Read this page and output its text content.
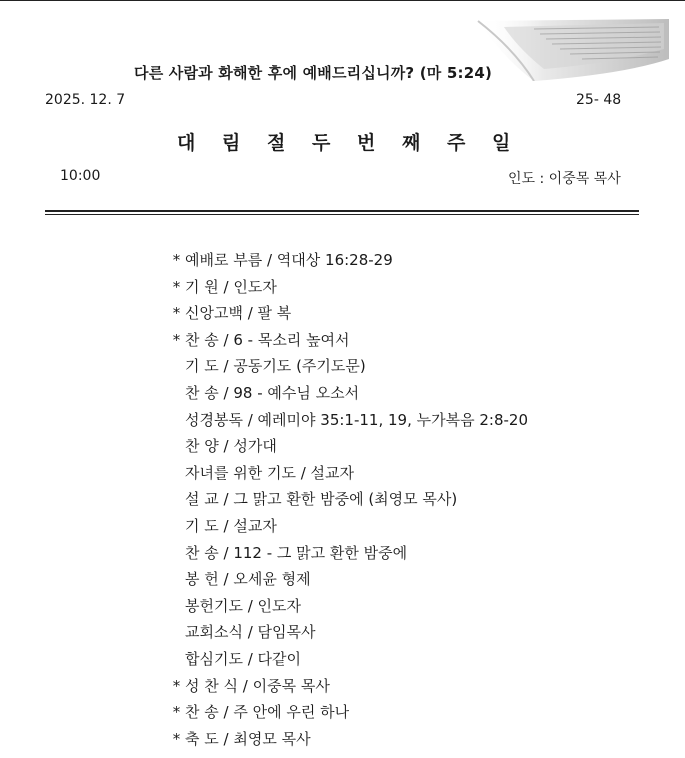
다른 사람과 화해한 후에 예배드리십니까? (마 5:24)
2025. 12. 7	25- 48
대	림	절	두	번	째	주	일
10:00	인도 : 이중목 목사
* 예배로 부름 / 역대상 16:28-29
* 기 원 / 인도자
* 신앙고백 / 팔 복
* 찬 송 / 6 - 목소리 높여서
기 도 / 공동기도 (주기도문)
찬 송 / 98 - 예수님 오소서
성경봉독 / 예레미야 35:1-11, 19, 누가복음 2:8-20
찬 양 / 성가대
자녀를 위한 기도 / 설교자
설 교 / 그 맑고 환한 밤중에 (최영모 목사)
기 도 / 설교자
찬 송 / 112 - 그 맑고 환한 밤중에
봉 헌 / 오세윤 형제
봉헌기도 / 인도자
교회소식 / 담임목사
합심기도 / 다같이
* 성 찬 식 / 이중목 목사
* 찬 송 / 주 안에 우린 하나
* 축 도 / 최영모 목사
